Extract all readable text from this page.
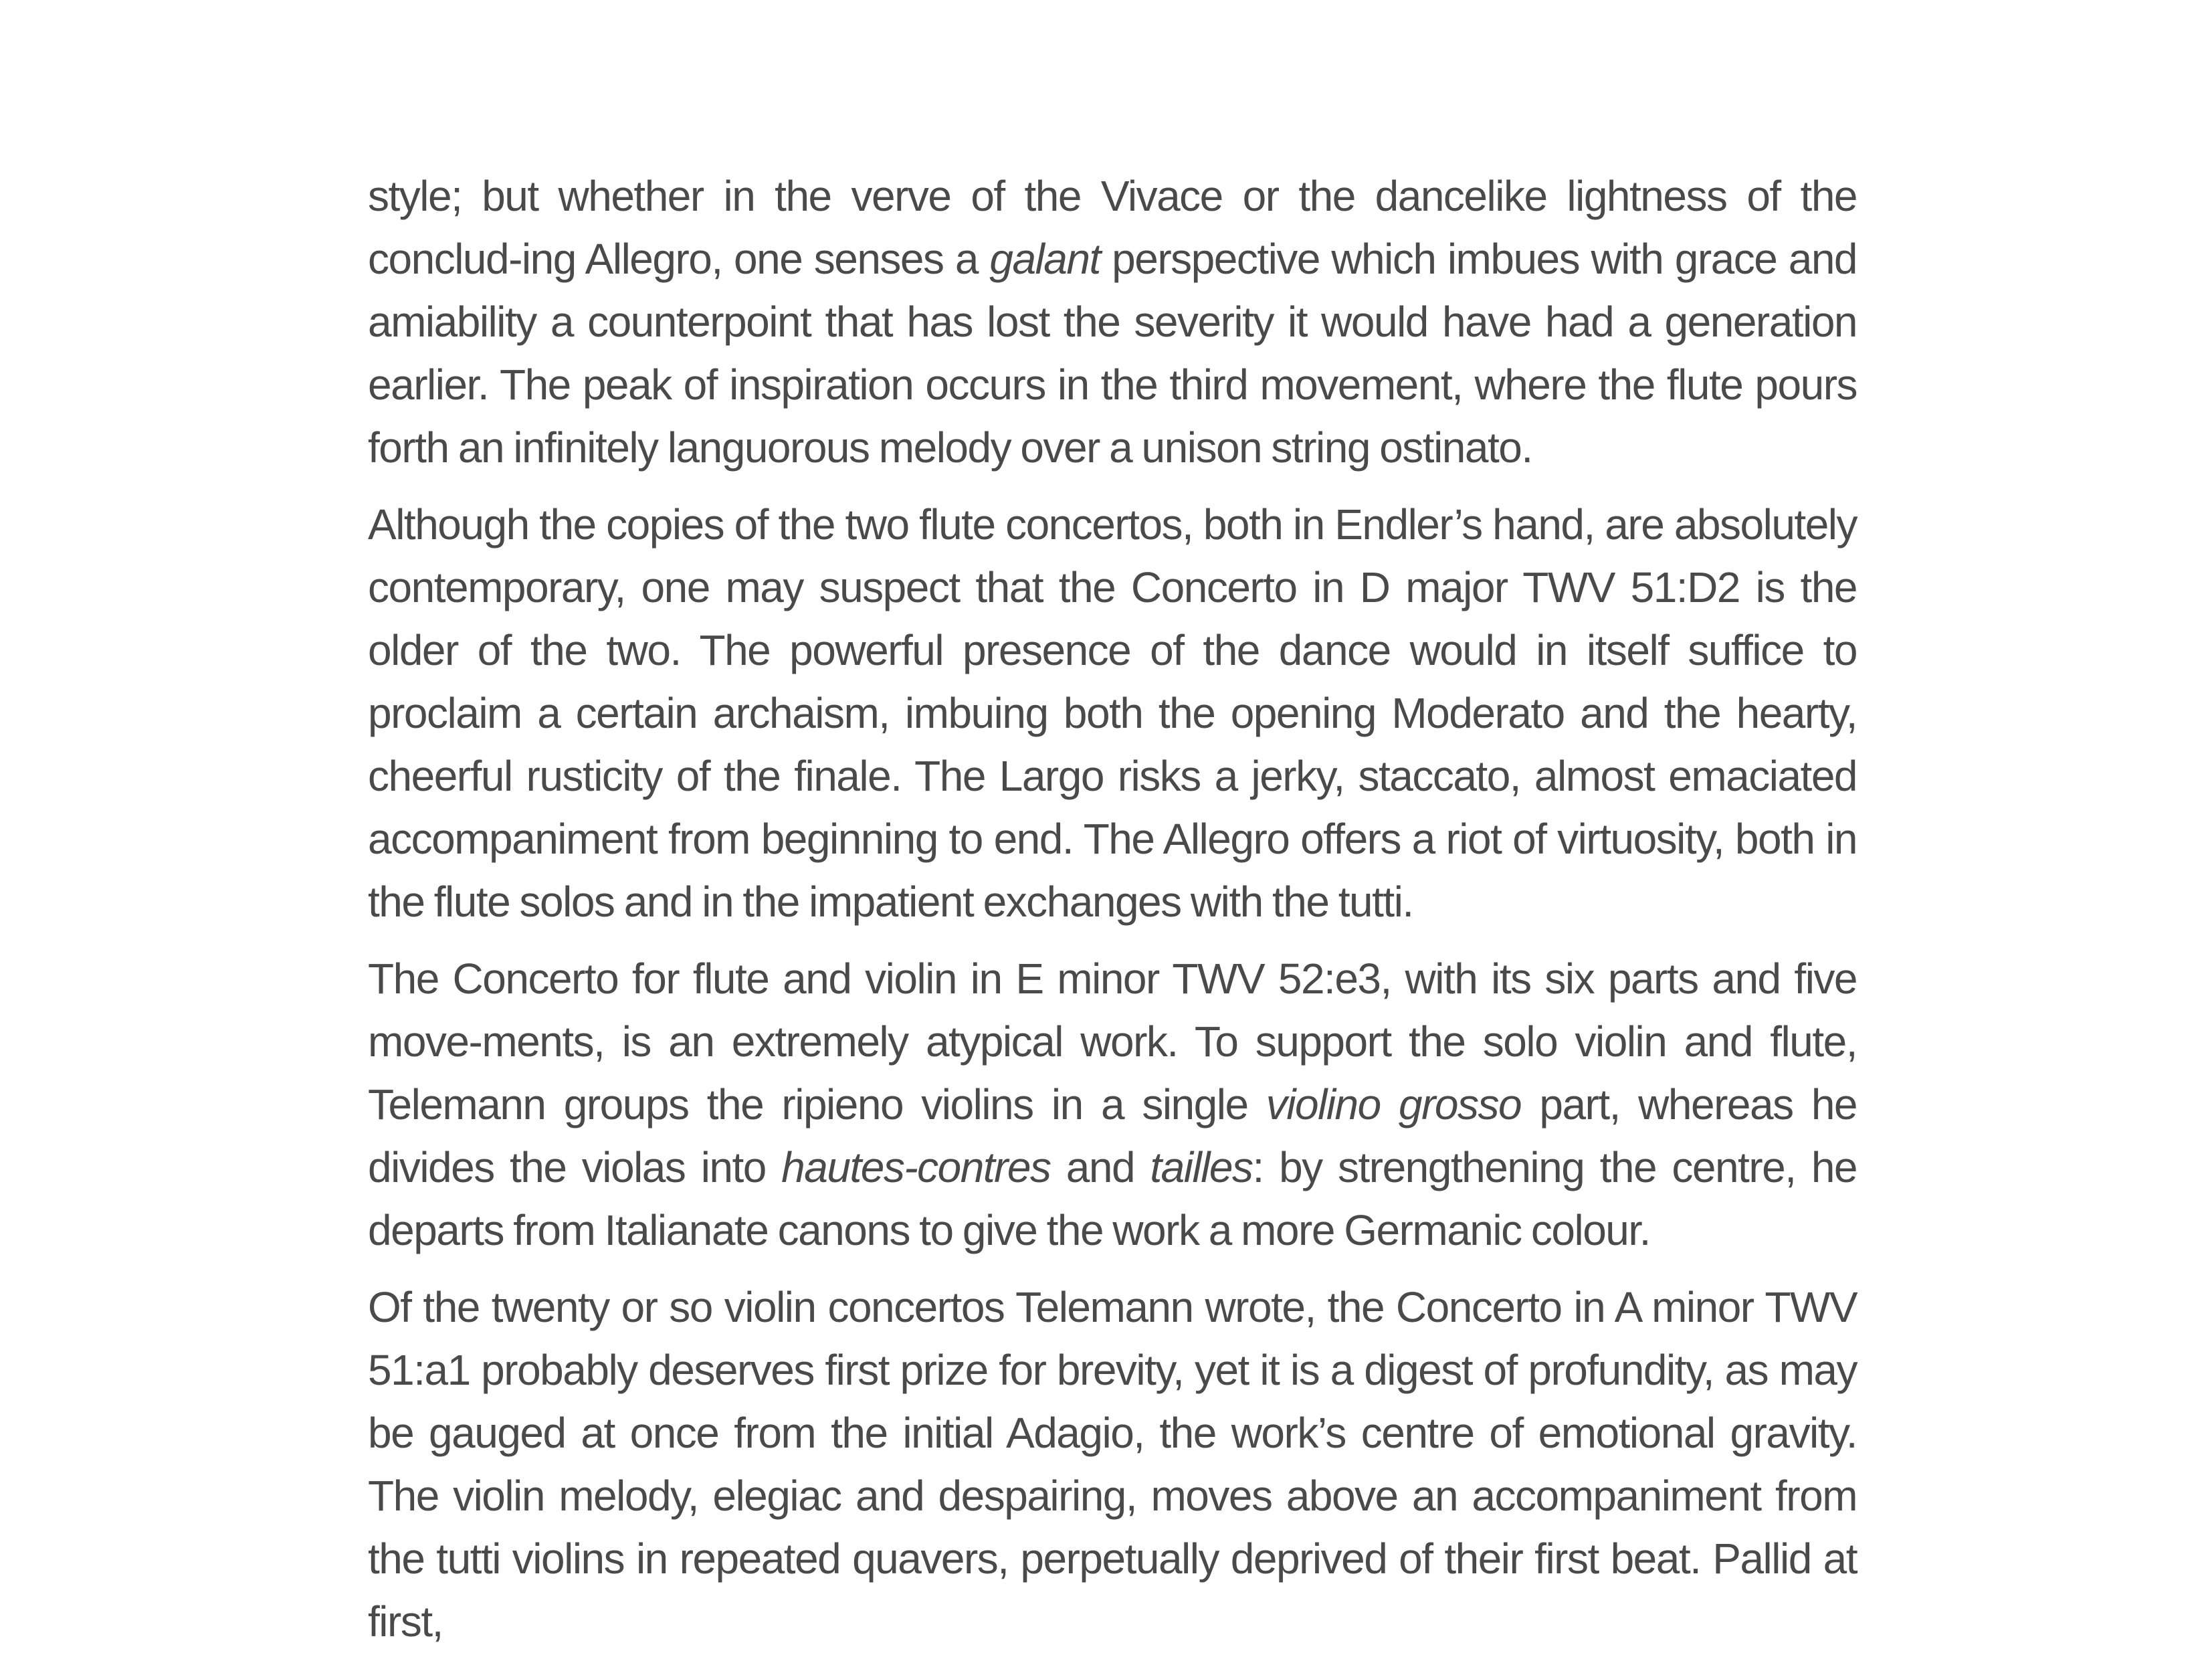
style; but whether in the verve of the Vivace or the dancelike lightness of the conclud-ing Allegro, one senses a galant perspective which imbues with grace and amiability a counterpoint that has lost the severity it would have had a generation earlier. The peak of inspiration occurs in the third movement, where the flute pours forth an infinitely languorous melody over a unison string ostinato.

Although the copies of the two flute concertos, both in Endler’s hand, are absolutely contemporary, one may suspect that the Concerto in D major TWV 51:D2 is the older of the two. The powerful presence of the dance would in itself suffice to proclaim a certain archaism, imbuing both the opening Moderato and the hearty, cheerful rusticity of the finale. The Largo risks a jerky, staccato, almost emaciated accompaniment from beginning to end. The Allegro offers a riot of virtuosity, both in the flute solos and in the impatient exchanges with the tutti.

The Concerto for flute and violin in E minor TWV 52:e3, with its six parts and five move-ments, is an extremely atypical work. To support the solo violin and flute, Telemann groups the ripieno violins in a single violino grosso part, whereas he divides the violas into hautes-contres and tailles: by strengthening the centre, he departs from Italianate canons to give the work a more Germanic colour.

Of the twenty or so violin concertos Telemann wrote, the Concerto in A minor TWV 51:a1 probably deserves first prize for brevity, yet it is a digest of profundity, as may be gauged at once from the initial Adagio, the work’s centre of emotional gravity. The violin melody, elegiac and despairing, moves above an accompaniment from the tutti violins in repeated quavers, perpetually deprived of their first beat. Pallid at first,
